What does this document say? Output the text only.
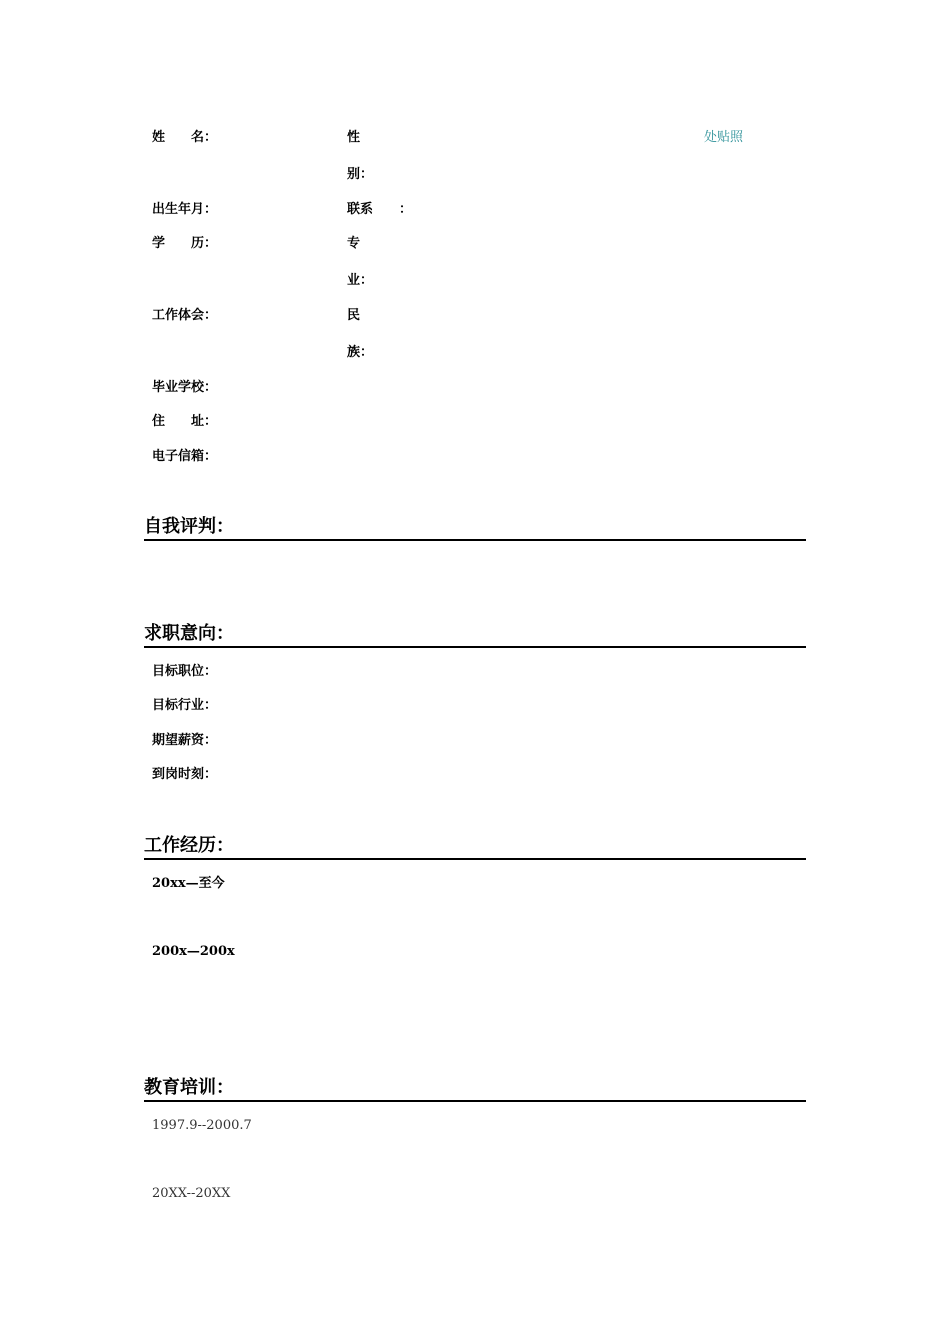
姓　　名：	性
别：
处贴照
出生年月：	联系　　：
学　　历：	专
业：
工作体会：	民
族：
毕业学校：
住　　址：
电子信箱：
自我评判：
求职意向：
目标职位：
目标行业：
期望薪资：
到岗时刻：
工作经历：
20xx—至今
200x—200x
教育培训：
1997.9--2000.7
20XX--20XX
